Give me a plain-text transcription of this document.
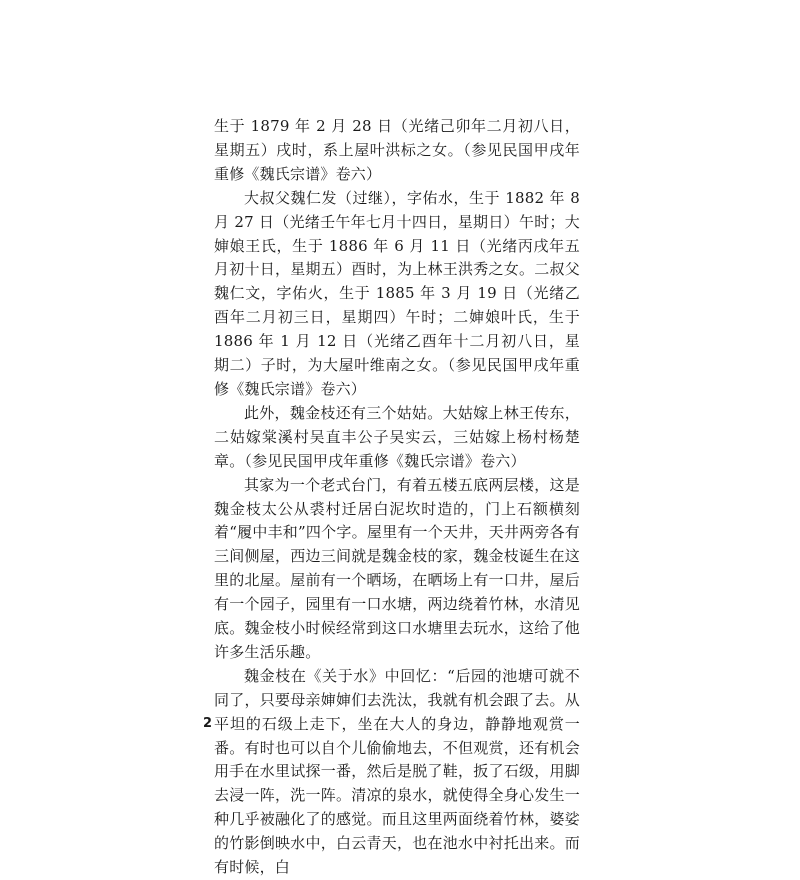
生于 1879 年 2 月 28 日（光绪己卯年二月初八日，星期五）戌时，系上屋叶洪标之女。（参见民国甲戌年重修《魏氏宗谱》卷六）

大叔父魏仁发（过继），字佑水，生于 1882 年 8 月 27 日（光绪壬午年七月十四日，星期日）午时；大婶娘王氏，生于 1886 年 6 月 11 日（光绪丙戌年五月初十日，星期五）酉时，为上林王洪秀之女。二叔父魏仁文，字佑火，生于 1885 年 3 月 19 日（光绪乙酉年二月初三日，星期四）午时；二婶娘叶氏，生于 1886 年 1 月 12 日（光绪乙酉年十二月初八日，星期二）子时，为大屋叶维南之女。（参见民国甲戌年重修《魏氏宗谱》卷六）

此外，魏金枝还有三个姑姑。大姑嫁上林王传东，二姑嫁棠溪村吴直丰公子吴实云，三姑嫁上杨村杨楚章。（参见民国甲戌年重修《魏氏宗谱》卷六）

其家为一个老式台门，有着五楼五底两层楼，这是魏金枝太公从裘村迁居白泥坎时造的，门上石额横刻着“履中丰和”四个字。屋里有一个天井，天井两旁各有三间侧屋，西边三间就是魏金枝的家，魏金枝诞生在这里的北屋。屋前有一个晒场，在晒场上有一口井，屋后有一个园子，园里有一口水塘，两边绕着竹林，水清见底。魏金枝小时候经常到这口水塘里去玩水，这给了他许多生活乐趣。

魏金枝在《关于水》中回忆：“后园的池塘可就不同了，只要母亲婶婶们去洗汰，我就有机会跟了去。从平坦的石级上走下，坐在大人的身边，静静地观赏一番。有时也可以自个儿偷偷地去，不但观赏，还有机会用手在水里试探一番，然后是脱了鞋，扳了石级，用脚去浸一阵，洗一阵。清凉的泉水，就使得全身心发生一种几乎被融化了的感觉。而且这里两面绕着竹林，婆娑的竹影倒映水中，白云青天，也在池水中衬托出来。而有时候，白

2
